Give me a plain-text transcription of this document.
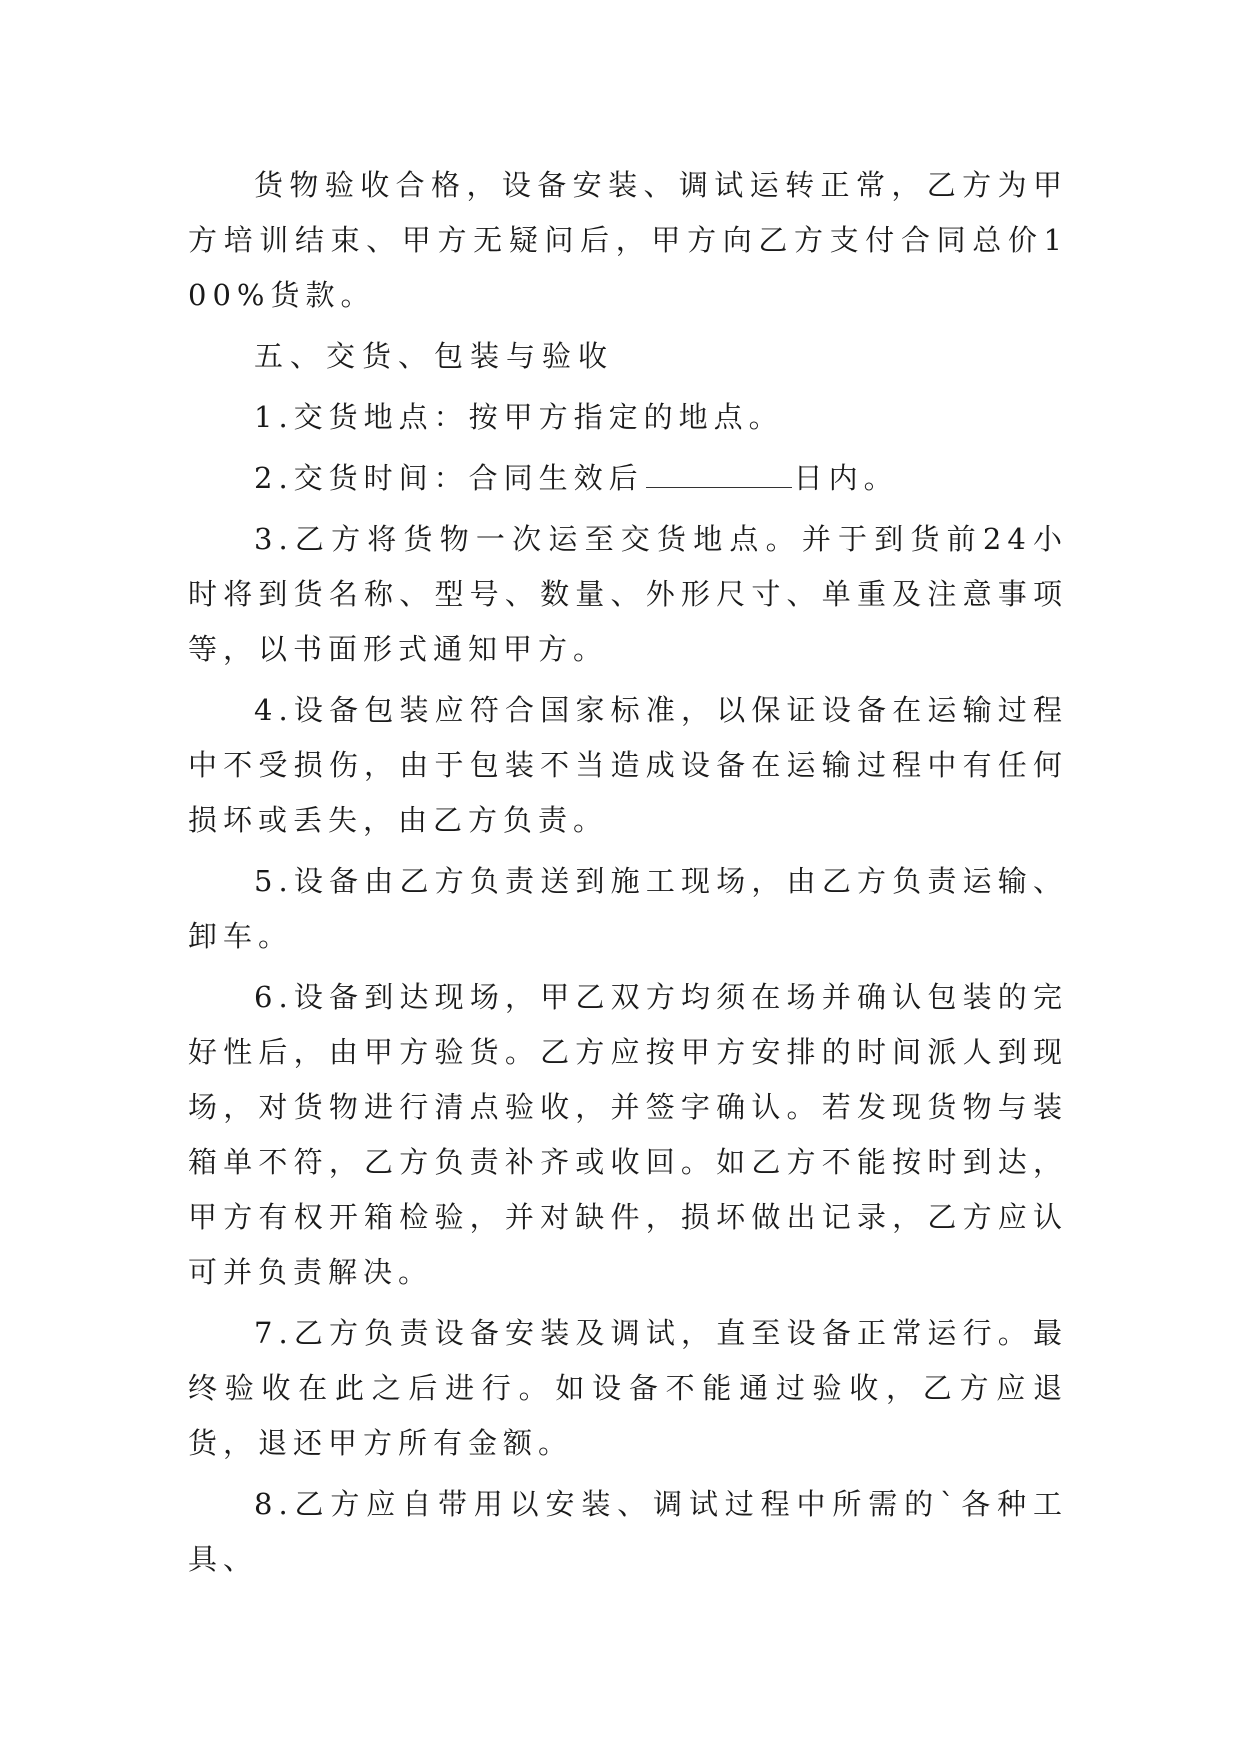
货物验收合格，设备安装、调试运转正常，乙方为甲方培训结束、甲方无疑问后，甲方向乙方支付合同总价100%货款。

五、交货、包装与验收

1.交货地点：按甲方指定的地点。

2.交货时间：合同生效后	日内。

3.乙方将货物一次运至交货地点。并于到货前24小时将到货名称、型号、数量、外形尺寸、单重及注意事项等，以书面形式通知甲方。

4.设备包装应符合国家标准，以保证设备在运输过程中不受损伤，由于包装不当造成设备在运输过程中有任何损坏或丢失，由乙方负责。

5.设备由乙方负责送到施工现场，由乙方负责运输、卸车。

6.设备到达现场，甲乙双方均须在场并确认包装的完好性后，由甲方验货。乙方应按甲方安排的时间派人到现场，对货物进行清点验收，并签字确认。若发现货物与装箱单不符，乙方负责补齐或收回。如乙方不能按时到达，甲方有权开箱检验，并对缺件，损坏做出记录，乙方应认可并负责解决。

7.乙方负责设备安装及调试，直至设备正常运行。最终验收在此之后进行。如设备不能通过验收，乙方应退货，退还甲方所有金额。

8.乙方应自带用以安装、调试过程中所需的`各种工具、
